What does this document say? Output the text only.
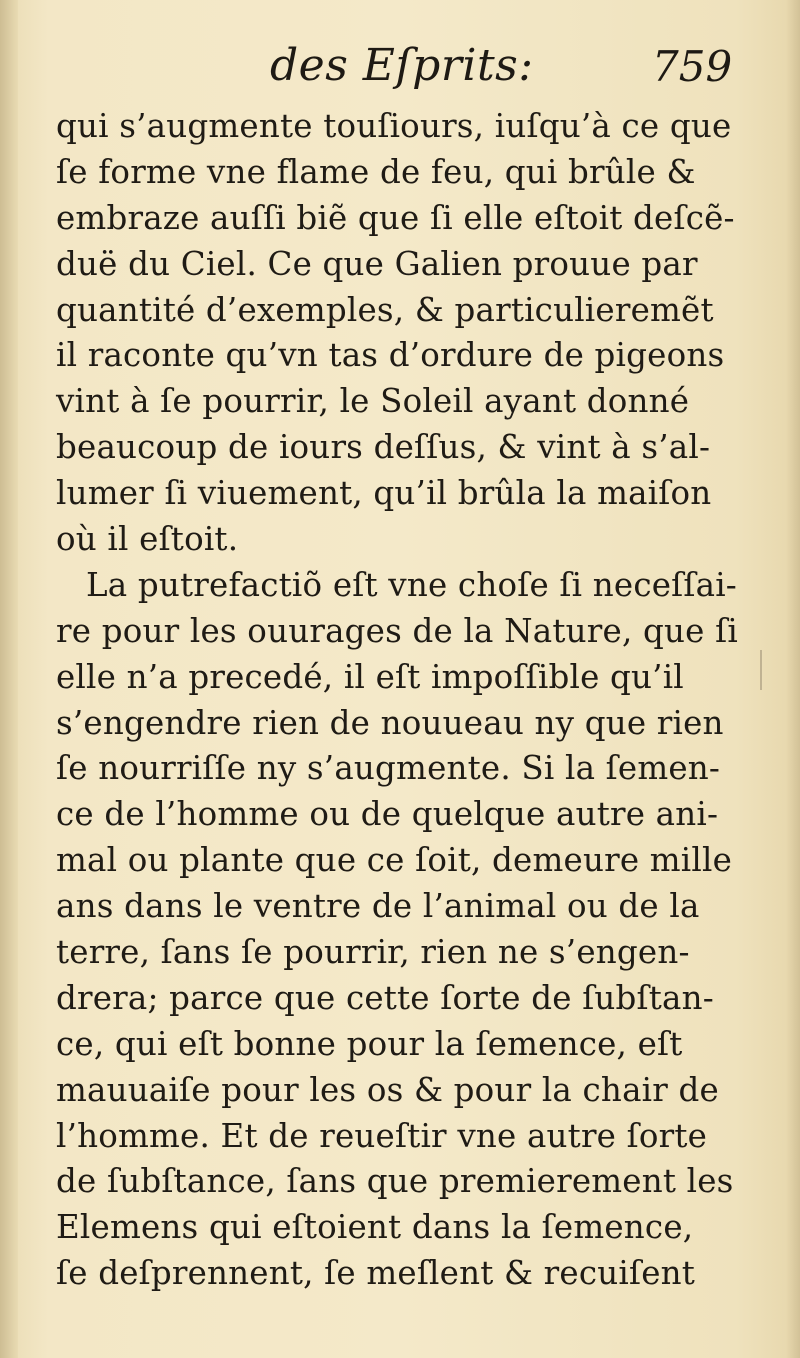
des Eſprits:	759
qui s’augmente touſiours, iuſqu’à ce que
ſe forme vne flame de feu, qui brûle &
embraze auſſi biẽ que ſi elle eſtoit deſcẽ-
duë du Ciel. Ce que Galien prouue par
quantité d’exemples, & particulieremẽt
il raconte qu’vn tas d’ordure de pigeons
vint à ſe pourrir, le Soleil ayant donné
beaucoup de iours deſſus, & vint à s’al-
lumer ſi viuement, qu’il brûla la maiſon
où il eſtoit.
La putrefactiõ eſt vne choſe ſi neceſſai-
re pour les ouurages de la Nature, que ſi
elle n’a precedé, il eſt impoſſible qu’il
s’engendre rien de nouueau ny que rien
ſe nourriſſe ny s’augmente. Si la ſemen-
ce de l’homme ou de quelque autre ani-
mal ou plante que ce ſoit, demeure mille
ans dans le ventre de l’animal ou de la
terre, ſans ſe pourrir, rien ne s’engen-
drera; parce que cette ſorte de ſubſtan-
ce, qui eſt bonne pour la ſemence, eſt
mauuaiſe pour les os & pour la chair de
l’homme. Et de reueſtir vne autre ſorte
de ſubſtance, ſans que premierement les
Elemens qui eſtoient dans la ſemence,
ſe deſprennent, ſe meſlent & recuiſent
